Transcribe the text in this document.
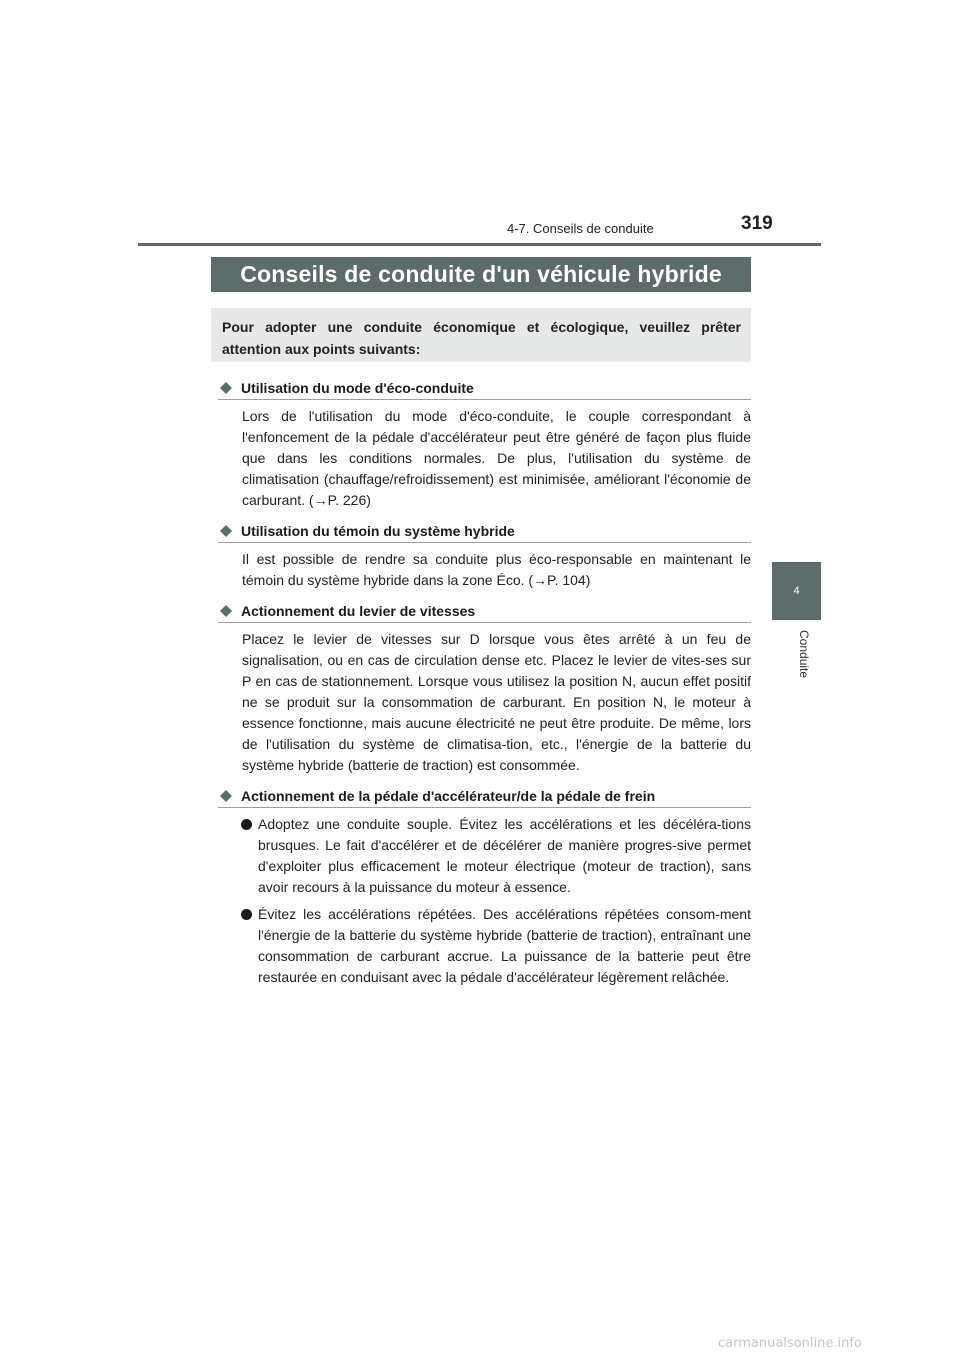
4-7. Conseils de conduite	319
4
Conduite
Conseils de conduite d'un véhicule hybride
Pour adopter une conduite économique et écologique, veuillez prêter attention aux points suivants:
Utilisation du mode d'éco-conduite
Lors de l'utilisation du mode d'éco-conduite, le couple correspondant à l'enfoncement de la pédale d'accélérateur peut être généré de façon plus fluide que dans les conditions normales. De plus, l'utilisation du système de climatisation (chauffage/refroidissement) est minimisée, améliorant l'économie de carburant. (→P. 226)
Utilisation du témoin du système hybride
Il est possible de rendre sa conduite plus éco-responsable en maintenant le témoin du système hybride dans la zone Éco. (→P. 104)
Actionnement du levier de vitesses
Placez le levier de vitesses sur D lorsque vous êtes arrêté à un feu de signalisation, ou en cas de circulation dense etc. Placez le levier de vites-ses sur P en cas de stationnement. Lorsque vous utilisez la position N, aucun effet positif ne se produit sur la consommation de carburant. En position N, le moteur à essence fonctionne, mais aucune électricité ne peut être produite. De même, lors de l'utilisation du système de climatisa-tion, etc., l'énergie de la batterie du système hybride (batterie de traction) est consommée.
Actionnement de la pédale d'accélérateur/de la pédale de frein
Adoptez une conduite souple. Évitez les accélérations et les décéléra-tions brusques. Le fait d'accélérer et de décélérer de manière progres-sive permet d'exploiter plus efficacement le moteur électrique (moteur de traction), sans avoir recours à la puissance du moteur à essence.
Évitez les accélérations répétées. Des accélérations répétées consom-ment l'énergie de la batterie du système hybride (batterie de traction), entraînant une consommation de carburant accrue. La puissance de la batterie peut être restaurée en conduisant avec la pédale d'accélérateur légèrement relâchée.
carmanualsonline.info
